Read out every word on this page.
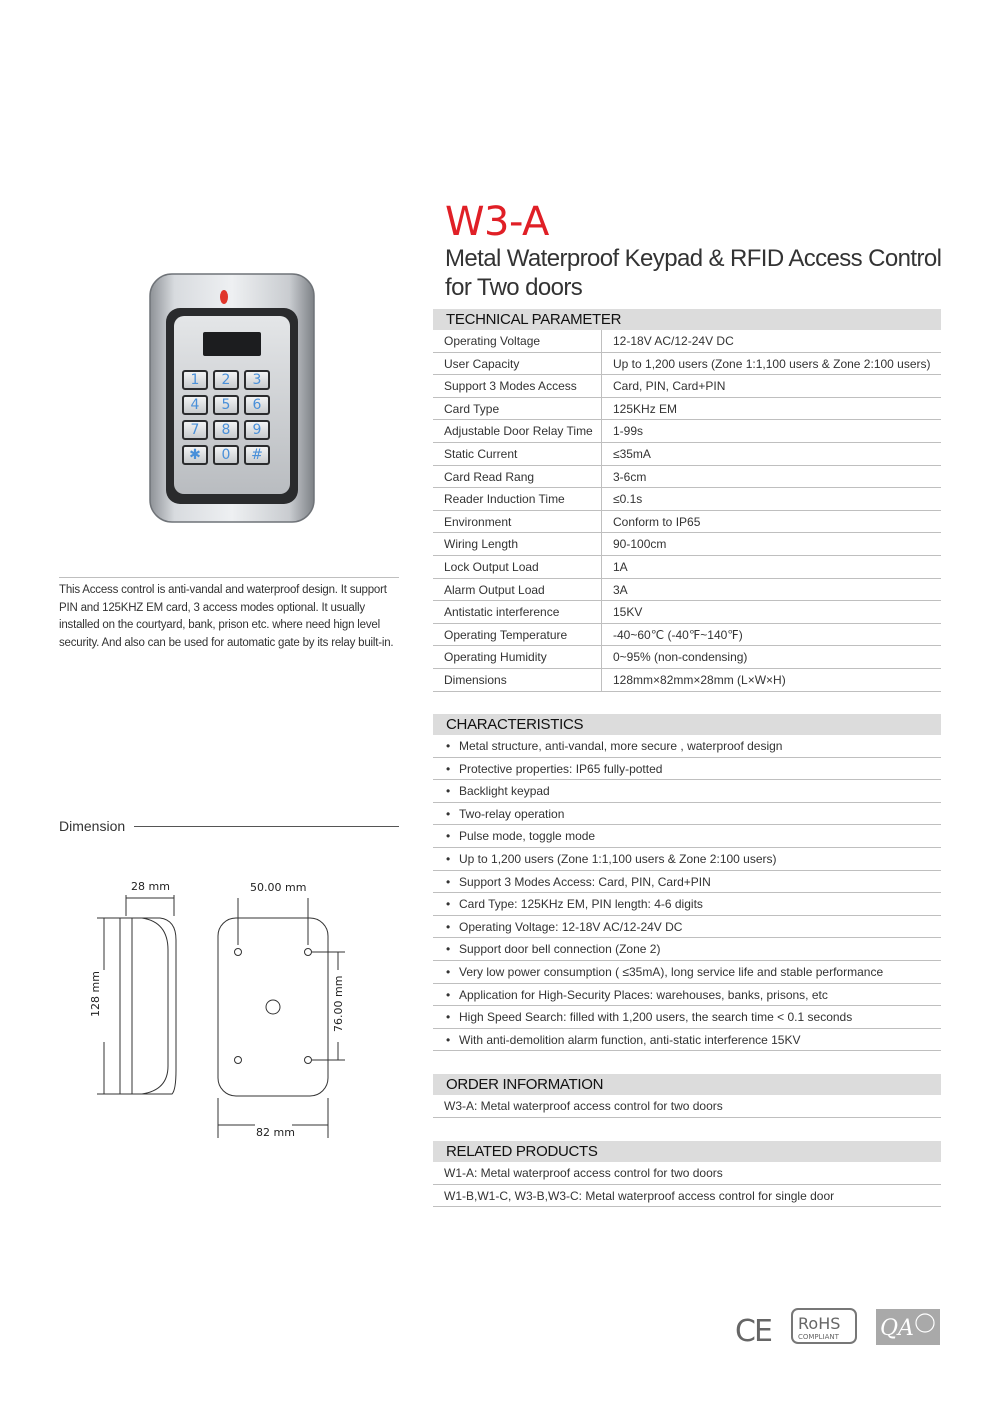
W3-A
Metal Waterproof Keypad & RFID Access Control
for Two doors
1	2	3
4	5	6
7	8	9
✱	0	#
This Access control is anti-vandal and waterproof design. It support
PIN and 125KHZ EM card, 3 access modes optional. It usually
installed on the courtyard, bank, prison etc. where need hign level
security. And also can be used for automatic gate by its relay built-in.
Dimension
28 mm	50.00 mm
128 mm	76.00 mm
82 mm
TECHNICAL PARAMETER
Operating Voltage	12-18V AC/12-24V DC
User Capacity	Up to 1,200 users (Zone 1:1,100 users & Zone 2:100 users)
Support 3 Modes Access	Card, PIN, Card+PIN
Card Type	125KHz EM
Adjustable Door Relay Time	1-99s
Static Current	≤35mA
Card Read Rang	3-6cm
Reader Induction Time	≤0.1s
Environment	Conform to IP65
Wiring Length	90-100cm
Lock Output Load	1A
Alarm Output Load	3A
Antistatic interference	15KV
Operating Temperature	-40~60℃ (-40℉~140℉)
Operating Humidity	0~95% (non-condensing)
Dimensions	128mm×82mm×28mm (L×W×H)
CHARACTERISTICS
• Metal structure, anti-vandal, more secure , waterproof design
• Protective properties: IP65 fully-potted
• Backlight keypad
• Two-relay operation
• Pulse mode, toggle mode
• Up to 1,200 users (Zone 1:1,100 users & Zone 2:100 users)
• Support 3 Modes Access: Card, PIN, Card+PIN
• Card Type: 125KHz EM, PIN length: 4-6 digits
• Operating Voltage: 12-18V AC/12-24V DC
• Support door bell connection (Zone 2)
• Very low power consumption ( ≤35mA), long service life and stable performance
• Application for High-Security Places: warehouses, banks, prisons, etc
• High Speed Search: filled with 1,200 users, the search time < 0.1 seconds
• With anti-demolition alarm function, anti-static interference 15KV
ORDER INFORMATION
W3-A: Metal waterproof access control for two doors
RELATED PRODUCTS
W1-A: Metal waterproof access control for two doors
W1-B,W1-C, W3-B,W3-C: Metal waterproof access control for single door
CE RoHS
COMPLIANT QA
